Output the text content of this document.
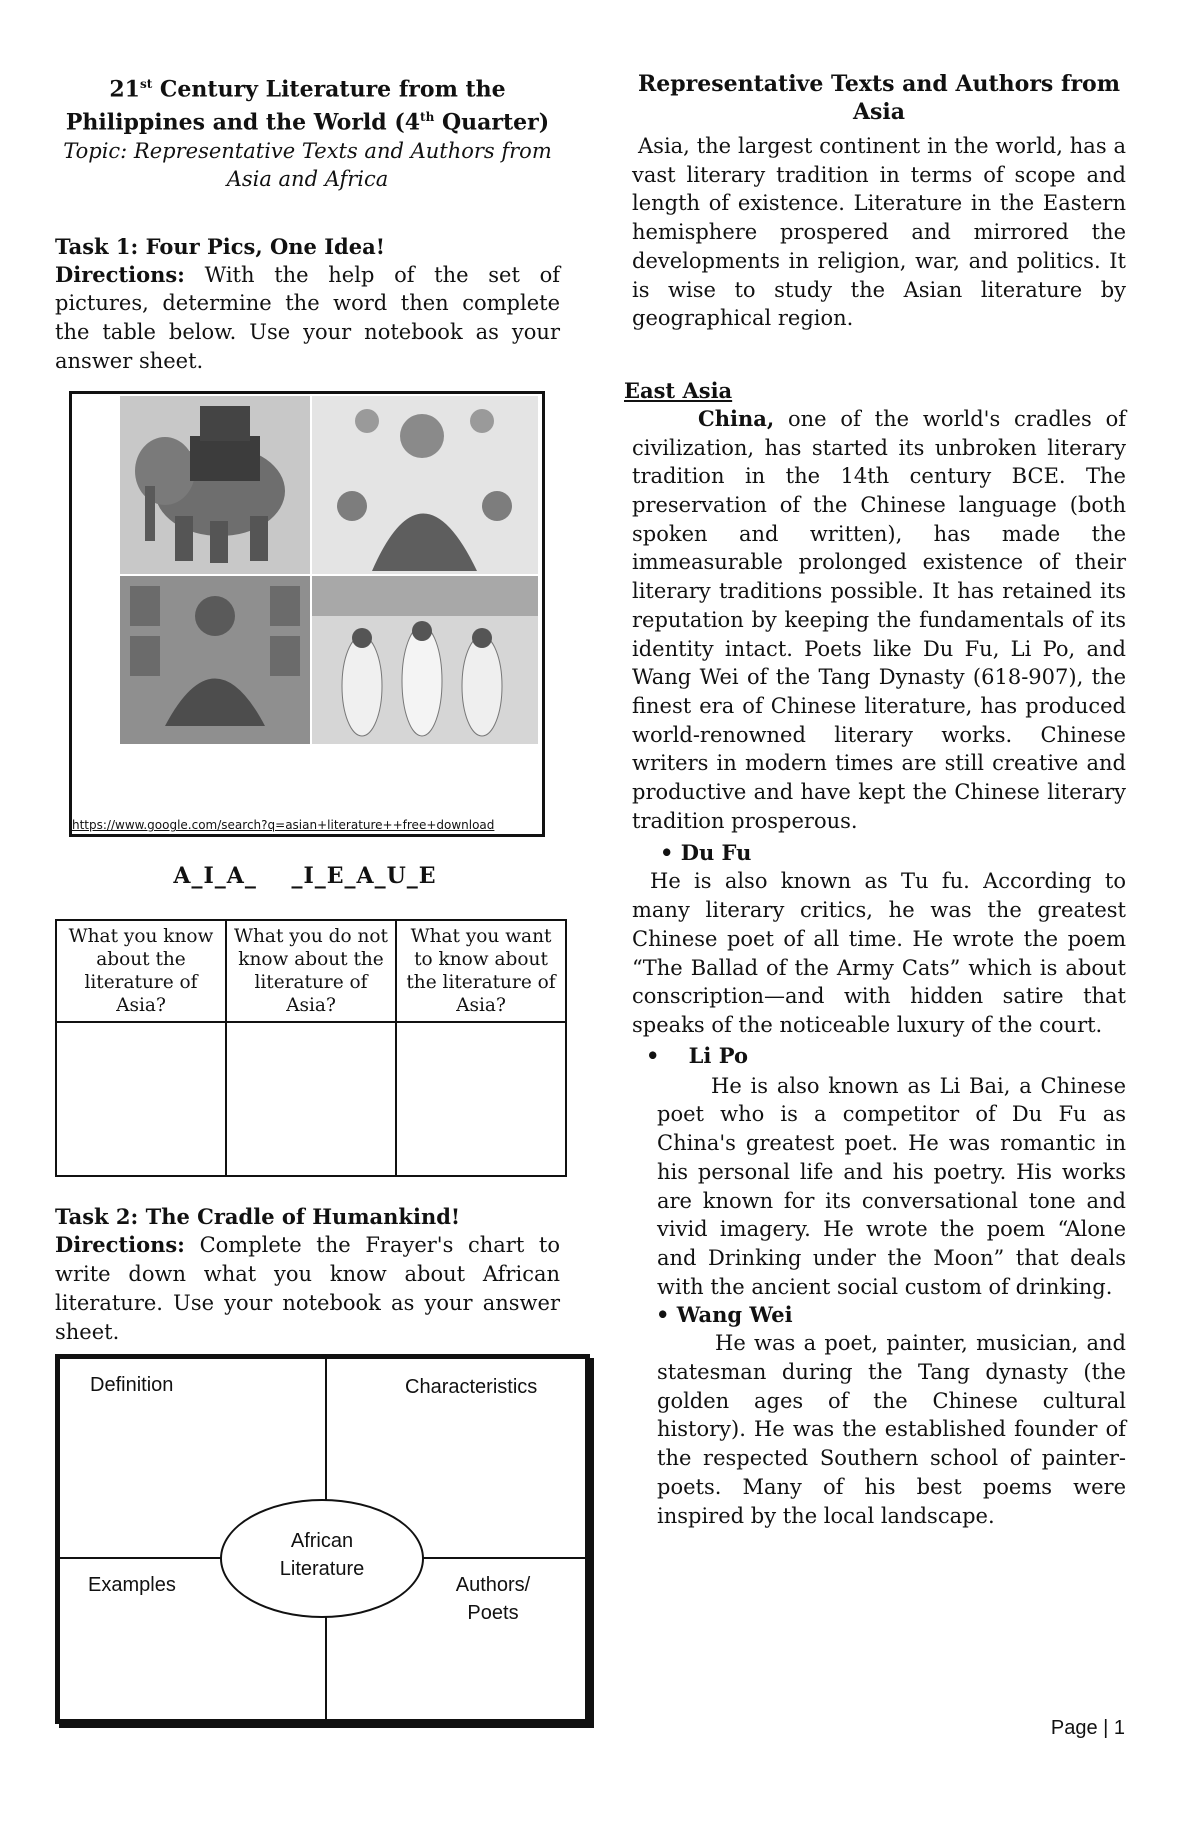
21st Century Literature from the

Philippines and the World (4th Quarter)

Topic: Representative Texts and Authors from Asia and Africa

Task 1: Four Pics, One Idea!

Directions: With the help of the set of pictures, determine the word then complete the table below. Use your notebook as your answer sheet.

https://www.google.com/search?q=asian+literature++free+download

A_I_A_    _I_E_A_U_E

What you know about the literature of Asia?	What you do not know about the literature of Asia?	What you want to know about the literature of Asia?

Task 2: The Cradle of Humankind!

Directions: Complete the Frayer's chart to write down what you know about African literature. Use your notebook as your answer sheet.

Definition	Characteristics
Examples	Authors/
Poets
African
Literature

Representative Texts and Authors from

Asia

Asia, the largest continent in the world, has a vast literary tradition in terms of scope and length of existence. Literature in the Eastern hemisphere prospered and mirrored the developments in religion, war, and politics. It is wise to study the Asian literature by geographical region.

East Asia

China, one of the world's cradles of civilization, has started its unbroken literary tradition in the 14th century BCE. The preservation of the Chinese language (both spoken and written), has made the immeasurable prolonged existence of their literary traditions possible. It has retained its reputation by keeping the fundamentals of its identity intact. Poets like Du Fu, Li Po, and Wang Wei of the Tang Dynasty (618-907), the finest era of Chinese literature, has produced world-renowned literary works. Chinese writers in modern times are still creative and productive and have kept the Chinese literary tradition prosperous.

• Du Fu

He is also known as Tu fu. According to many literary critics, he was the greatest Chinese poet of all time. He wrote the poem “The Ballad of the Army Cats” which is about conscription—and with hidden satire that speaks of the noticeable luxury of the court.

•    Li Po

He is also known as Li Bai, a Chinese poet who is a competitor of Du Fu as China's greatest poet. He was romantic in his personal life and his poetry. His works are known for its conversational tone and vivid imagery. He wrote the poem “Alone and Drinking under the Moon” that deals with the ancient social custom of drinking.

• Wang Wei

He was a poet, painter, musician, and statesman during the Tang dynasty (the golden ages of the Chinese cultural history). He was the established founder of the respected Southern school of painter-poets. Many of his best poems were inspired by the local landscape.

Page | 1
